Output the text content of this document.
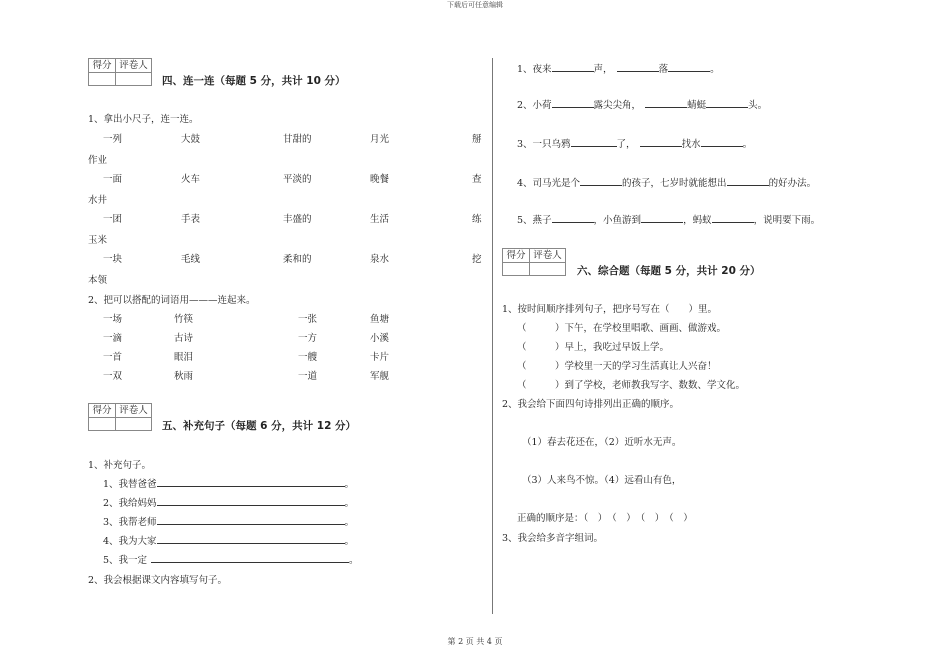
下载后可任意编辑
得分 评卷人
四、连一连（每题 5 分，共计 10 分）
1、拿出小尺子，连一连。
一列	大鼓	甘甜的	月光	掰
作业
一面	火车	平淡的	晚餐	查
水井
一团	手表	丰盛的	生活	练
玉米
一块	毛线	柔和的	泉水	挖
本领
2、把可以搭配的词语用———连起来。
一场	竹筷	一张	鱼塘
一滴	古诗	一方	小溪
一首	眼泪	一艘	卡片
一双	秋雨	一道	军舰
得分 评卷人
五、补充句子（每题 6 分，共计 12 分）
1、补充句子。
1、我替爸爸	。
2、我给妈妈	。
3、我帮老师	。
4、我为大家	。
5、我一定	。
2、我会根据课文内容填写句子。
1、夜来	声，	落	。
2、小荷	露尖尖角，	蜻蜓	头。
3、一只乌鸦	了，	找水	。
4、司马光是个	的孩子，七岁时就能想出	的好办法。
5、燕子	，小鱼游到	，蚂蚁	，说明要下雨。
得分 评卷人
六、综合题（每题 5 分，共计 20 分）
1、按时间顺序排列句子，把序号写在（　　）里。
（　　　）下午，在学校里唱歌、画画、做游戏。
（　　　）早上，我吃过早饭上学。
（　　　）学校里一天的学习生活真让人兴奋！
（　　　）到了学校，老师教我写字、数数、学文化。
2、我会给下面四句诗排列出正确的顺序。
（1）春去花还在，（2）近听水无声。
（3）人来鸟不惊。（4）远看山有色，
正确的顺序是：（　）　（　）　（　）　（　）
3、我会给多音字组词。
第 2 页 共 4 页
